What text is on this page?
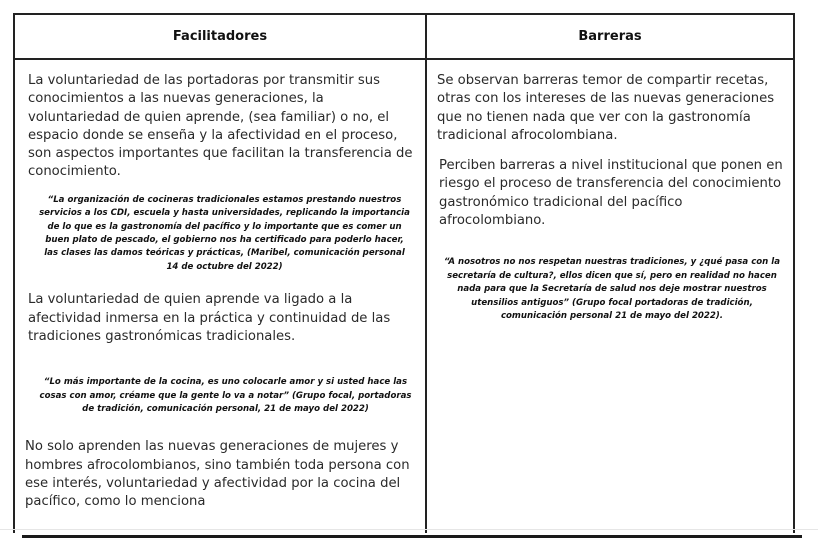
Facilitadores	Barreras

La voluntariedad de las portadoras por transmitir sus conocimientos a las nuevas generaciones, la voluntariedad de quien aprende, (sea familiar) o no, el espacio donde se enseña y la afectividad en el proceso, son aspectos importantes que facilitan la transferencia de conocimiento.

“La organización de cocineras tradicionales estamos prestando nuestros servicios a los CDI, escuela y hasta universidades, replicando la importancia de lo que es la gastronomía del pacífico y lo importante que es comer un buen plato de pescado, el gobierno nos ha certificado para poderlo hacer, las clases las damos teóricas y prácticas, (Maribel, comunicación personal 14 de octubre del 2022)

La voluntariedad de quien aprende va ligado a la afectividad inmersa en la práctica y continuidad de las tradiciones gastronómicas tradicionales.

“Lo más importante de la cocina, es uno colocarle amor y si usted hace las cosas con amor, créame que la gente lo va a notar” (Grupo focal, portadoras de tradición, comunicación personal, 21 de mayo del 2022)

No solo aprenden las nuevas generaciones de mujeres y hombres afrocolombianos, sino también toda persona con ese interés, voluntariedad y afectividad por la cocina del pacífico, como lo menciona

Se observan barreras temor de compartir recetas, otras con los intereses de las nuevas generaciones que no tienen nada que ver con la gastronomía tradicional afrocolombiana.

Perciben barreras a nivel institucional que ponen en riesgo el proceso de transferencia del conocimiento gastronómico tradicional del pacífico afrocolombiano.

“A nosotros no nos respetan nuestras tradiciones, y ¿qué pasa con la secretaría de cultura?, ellos dicen que sí, pero en realidad no hacen nada para que la Secretaría de salud nos deje mostrar nuestros utensilios antiguos” (Grupo focal portadoras de tradición, comunicación personal 21 de mayo del 2022).
